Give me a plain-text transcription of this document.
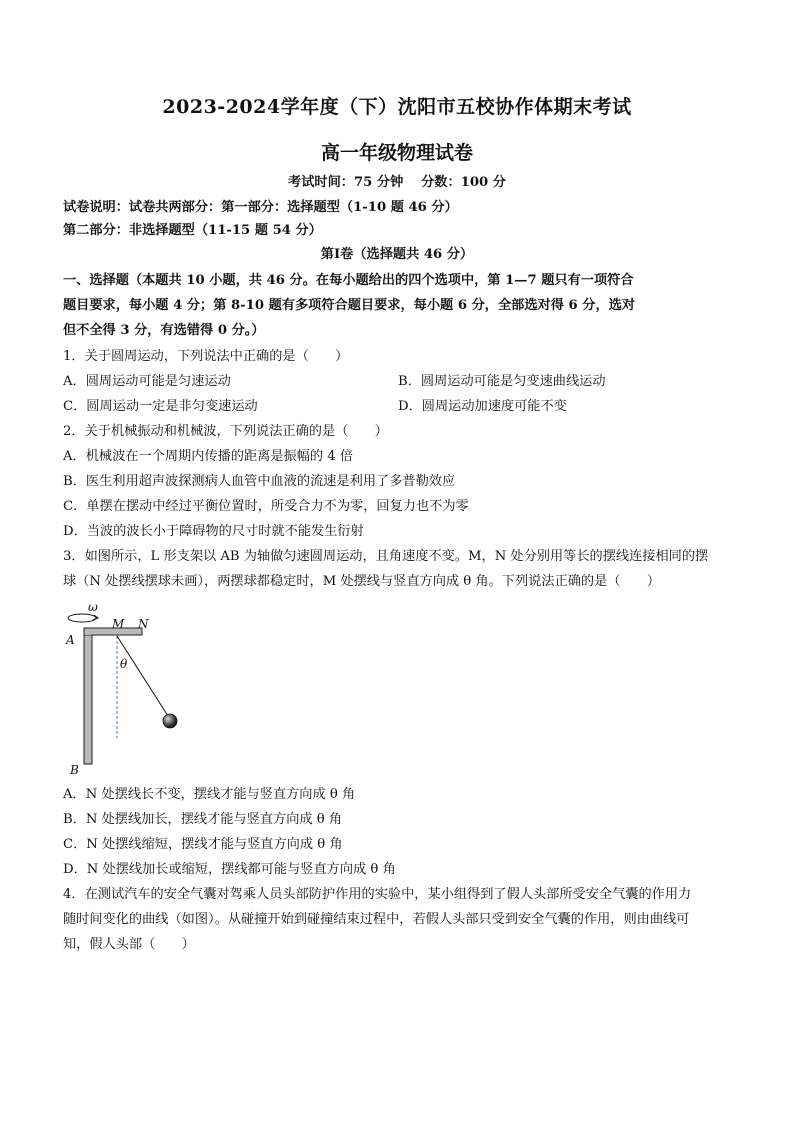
2023-2024学年度（下）沈阳市五校协作体期末考试
高一年级物理试卷
考试时间：75 分钟　 分数：100 分
试卷说明：试卷共两部分：第一部分：选择题型（1-10 题 46 分）
第二部分：非选择题型（11-15 题 54 分）
第Ⅰ卷（选择题共 46 分）
一、选择题（本题共 10 小题，共 46 分。在每小题给出的四个选项中，第 1—7 题只有一项符合
题目要求，每小题 4 分；第 8-10 题有多项符合题目要求，每小题 6 分，全部选对得 6 分，选对
但不全得 3 分，有选错得 0 分。）
1．关于圆周运动，下列说法中正确的是（　　）
A．圆周运动可能是匀速运动	B．圆周运动可能是匀变速曲线运动
C．圆周运动一定是非匀变速运动	D．圆周运动加速度可能不变
2．关于机械振动和机械波，下列说法正确的是（　　）
A．机械波在一个周期内传播的距离是振幅的 4 倍
B．医生利用超声波探测病人血管中血液的流速是利用了多普勒效应
C．单摆在摆动中经过平衡位置时，所受合力不为零，回复力也不为零
D．当波的波长小于障碍物的尺寸时就不能发生衍射
3．如图所示，L 形支架以 AB 为轴做匀速圆周运动，且角速度不变。M，N 处分别用等长的摆线连接相同的摆
球（N 处摆线摆球未画），两摆球都稳定时，M 处摆线与竖直方向成 θ 角。下列说法正确的是（　　）
ω
A
M N
B
θ
A．N 处摆线长不变，摆线才能与竖直方向成 θ 角
B．N 处摆线加长，摆线才能与竖直方向成 θ 角
C．N 处摆线缩短，摆线才能与竖直方向成 θ 角
D．N 处摆线加长或缩短，摆线都可能与竖直方向成 θ 角
4．在测试汽车的安全气囊对驾乘人员头部防护作用的实验中，某小组得到了假人头部所受安全气囊的作用力
随时间变化的曲线（如图）。从碰撞开始到碰撞结束过程中，若假人头部只受到安全气囊的作用，则由曲线可
知，假人头部（　　）
